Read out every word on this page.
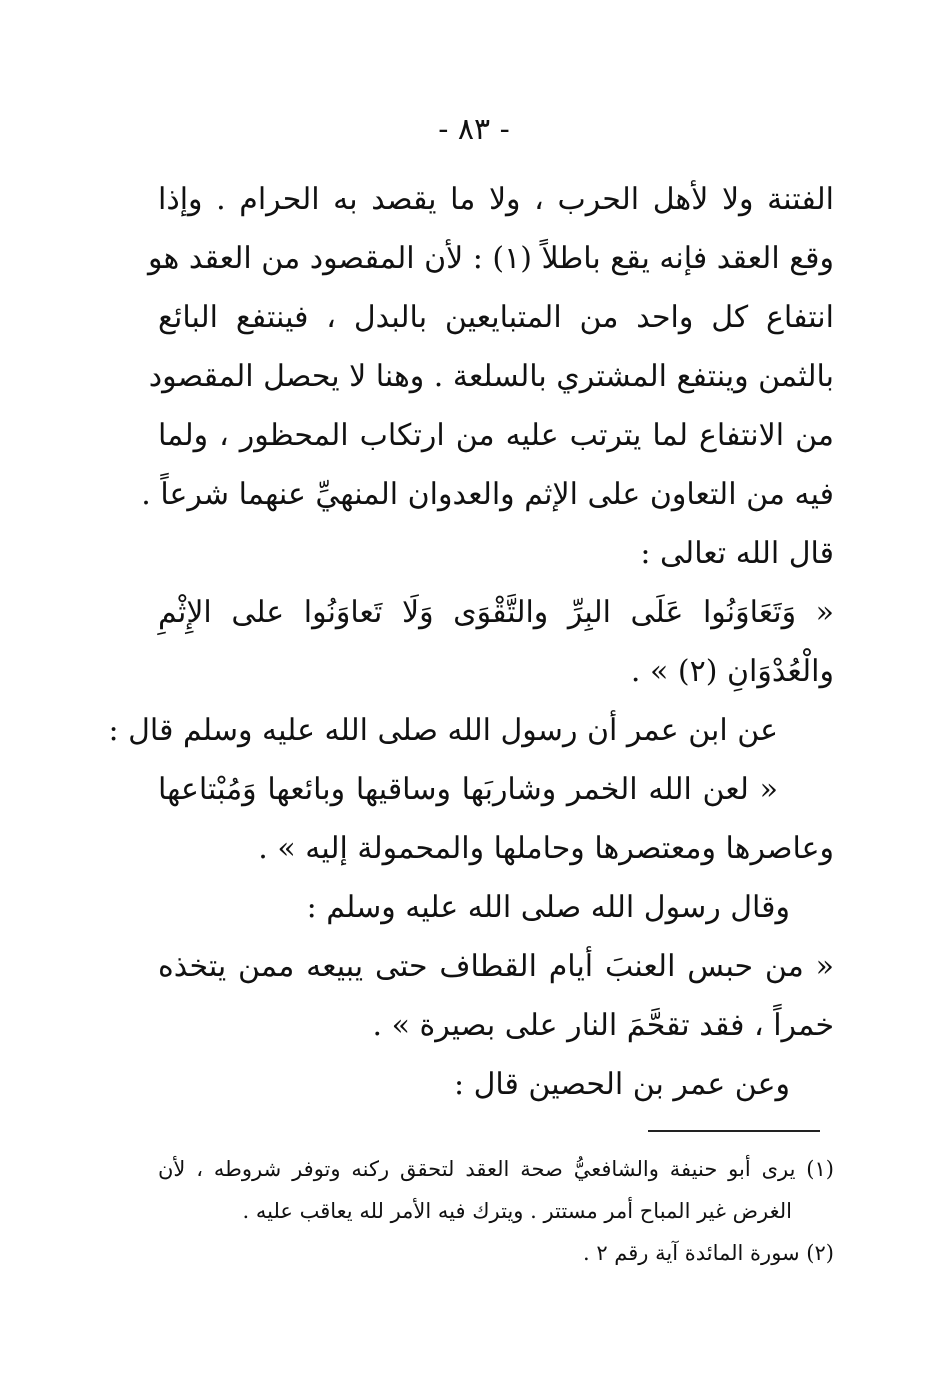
- ٨٣ -
الفتنة ولا لأهل الحرب ، ولا ما يقصد به الحرام . وإذا
وقع العقد فإنه يقع باطلاً (١) : لأن المقصود من العقد هو
انتفاع كل واحد من المتبايعين بالبدل ، فينتفع البائع
بالثمن وينتفع المشتري بالسلعة . وهنا لا يحصل المقصود
من الانتفاع لما يترتب عليه من ارتكاب المحظور ، ولما
فيه من التعاون على الإثم والعدوان المنهيِّ عنهما شرعاً .
قال الله تعالى :
« وَتَعَاوَنُوا عَلَى البِرِّ والتَّقْوَى وَلَا تَعاوَنُوا على الإِثْمِ
والْعُدْوَانِ (٢) » .
عن ابن عمر أن رسول الله صلى الله عليه وسلم قال :
« لعن الله الخمر وشاربَها وساقيها وبائعها وَمُبْتاعها
وعاصرها ومعتصرها وحاملها والمحمولة إليه » .
وقال رسول الله صلى الله عليه وسلم :
« من حبس العنبَ أيام القطاف حتى يبيعه ممن يتخذه
خمراً ، فقد تقحَّمَ النار على بصيرة » .
وعن عمر بن الحصين قال :
(١) يرى أبو حنيفة والشافعيُّ صحة العقد لتحقق ركنه وتوفر شروطه ، لأن
الغرض غير المباح أمر مستتر . ويترك فيه الأمر لله يعاقب عليه .
(٢) سورة المائدة آية رقم ٢ .
